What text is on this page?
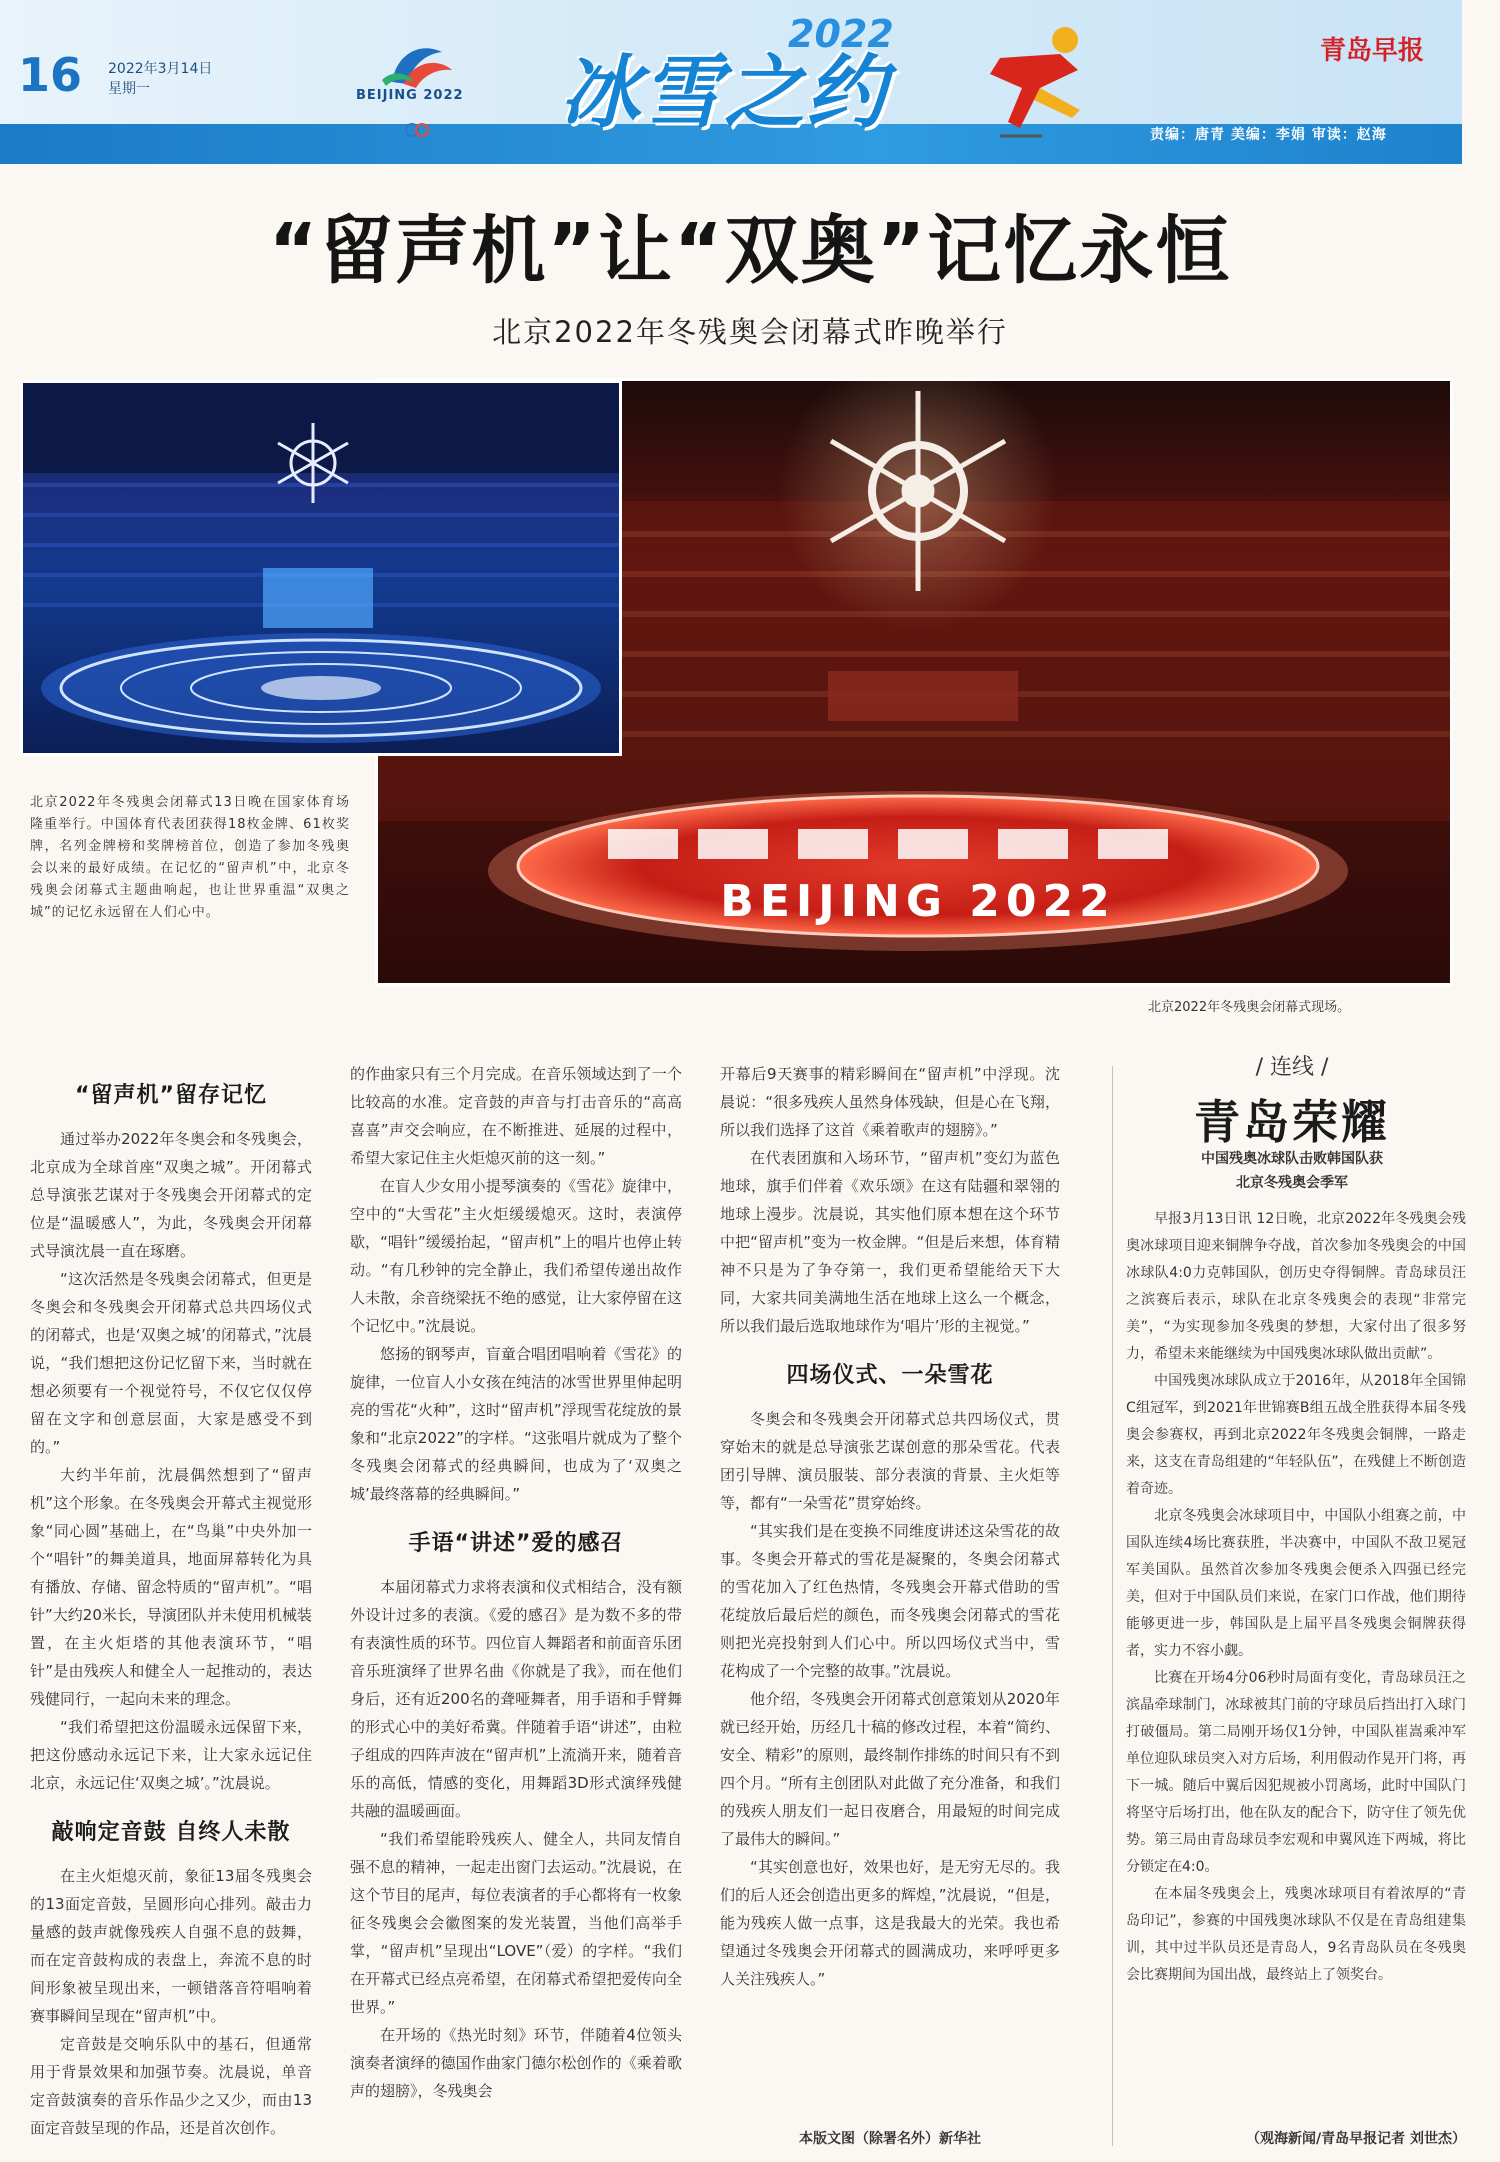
16 2022年3月14日
星期一	BEIJING 2022
2022
冰雪之约	青岛早报
责编：唐青 美编：李娟 审读：赵海
“留声机”让“双奥”记忆永恒
北京2022年冬残奥会闭幕式昨晚举行
BEIJING 2022
北京2022年冬残奥会闭幕式13日晚在国家体育场隆重举行。中国体育代表团获得18枚金牌、61枚奖牌，名列金牌榜和奖牌榜首位，创造了参加冬残奥会以来的最好成绩。在记忆的“留声机”中，北京冬残奥会闭幕式主题曲响起，也让世界重温“双奥之城”的记忆永远留在人们心中。
北京2022年冬残奥会闭幕式现场。
“留声机”留存记忆

通过举办2022年冬奥会和冬残奥会，北京成为全球首座“双奥之城”。开闭幕式总导演张艺谋对于冬残奥会开闭幕式的定位是“温暖感人”，为此，冬残奥会开闭幕式导演沈晨一直在琢磨。

“这次活然是冬残奥会闭幕式，但更是冬奥会和冬残奥会开闭幕式总共四场仪式的闭幕式，也是‘双奥之城’的闭幕式，”沈晨说，“我们想把这份记忆留下来，当时就在想必须要有一个视觉符号，不仅它仅仅停留在文字和创意层面，大家是感受不到的。”

大约半年前，沈晨偶然想到了“留声机”这个形象。在冬残奥会开幕式主视觉形象“同心圆”基础上，在“鸟巢”中央外加一个“唱针”的舞美道具，地面屏幕转化为具有播放、存储、留念特质的“留声机”。“唱针”大约20米长，导演团队并未使用机械装置，在主火炬塔的其他表演环节，“唱针”是由残疾人和健全人一起推动的，表达残健同行，一起向未来的理念。

“我们希望把这份温暖永远保留下来，把这份感动永远记下来，让大家永远记住北京，永远记住‘双奥之城’。”沈晨说。

敲响定音鼓 自终人未散

在主火炬熄灭前，象征13届冬残奥会的13面定音鼓，呈圆形向心排列。敲击力量感的鼓声就像残疾人自强不息的鼓舞，而在定音鼓构成的表盘上，奔流不息的时间形象被呈现出来，一顿错落音符唱响着赛事瞬间呈现在“留声机”中。

定音鼓是交响乐队中的基石，但通常用于背景效果和加强节奏。沈晨说，单音定音鼓演奏的音乐作品少之又少，而由13面定音鼓呈现的作品，还是首次创作。

的作曲家只有三个月完成。在音乐领域达到了一个比较高的水准。定音鼓的声音与打击音乐的“高高喜喜”声交会响应，在不断推进、延展的过程中，希望大家记住主火炬熄灭前的这一刻。”

在盲人少女用小提琴演奏的《雪花》旋律中，空中的“大雪花”主火炬缓缓熄灭。这时，表演停歇，“唱针”缓缓抬起，“留声机”上的唱片也停止转动。“有几秒钟的完全静止，我们希望传递出故作人未散，余音绕梁抚不绝的感觉，让大家停留在这个记忆中。”沈晨说。

悠扬的钢琴声，盲童合唱团唱响着《雪花》的旋律，一位盲人小女孩在纯洁的冰雪世界里伸起明亮的雪花“火种”，这时“留声机”浮现雪花绽放的景象和“北京2022”的字样。“这张唱片就成为了整个冬残奥会闭幕式的经典瞬间，也成为了‘双奥之城’最终落幕的经典瞬间。”

手语“讲述”爱的感召

本届闭幕式力求将表演和仪式相结合，没有额外设计过多的表演。《爱的感召》是为数不多的带有表演性质的环节。四位盲人舞蹈者和前面音乐团音乐班演绎了世界名曲《你就是了我》，而在他们身后，还有近200名的聋哑舞者，用手语和手臂舞的形式心中的美好希冀。伴随着手语“讲述”，由粒子组成的四阵声波在“留声机”上流淌开来，随着音乐的高低，情感的变化，用舞蹈3D形式演绎残健共融的温暖画面。

“我们希望能聆残疾人、健全人，共同友情自强不息的精神，一起走出窗门去运动。”沈晨说，在这个节目的尾声，每位表演者的手心都将有一枚象征冬残奥会会徽图案的发光装置，当他们高举手掌，“留声机”呈现出“LOVE”（爱）的字样。“我们在开幕式已经点亮希望，在闭幕式希望把爱传向全世界。”

在开场的《热光时刻》环节，伴随着4位领头演奏者演绎的德国作曲家门德尔松创作的《乘着歌声的翅膀》，冬残奥会

开幕后9天赛事的精彩瞬间在“留声机”中浮现。沈晨说：“很多残疾人虽然身体残缺，但是心在飞翔，所以我们选择了这首《乘着歌声的翅膀》。”

在代表团旗和入场环节，“留声机”变幻为蓝色地球，旗手们伴着《欢乐颂》在这有陆疆和翠翎的地球上漫步。沈晨说，其实他们原本想在这个环节中把“留声机”变为一枚金牌。“但是后来想，体育精神不只是为了争夺第一，我们更希望能给天下大同，大家共同美满地生活在地球上这么一个概念，所以我们最后选取地球作为‘唱片’形的主视觉。”

四场仪式、一朵雪花

冬奥会和冬残奥会开闭幕式总共四场仪式，贯穿始末的就是总导演张艺谋创意的那朵雪花。代表团引导牌、演员服装、部分表演的背景、主火炬等等，都有“一朵雪花”贯穿始终。

“其实我们是在变换不同维度讲述这朵雪花的故事。冬奥会开幕式的雪花是凝聚的，冬奥会闭幕式的雪花加入了红色热情，冬残奥会开幕式借助的雪花绽放后最后烂的颜色，而冬残奥会闭幕式的雪花则把光亮投射到人们心中。所以四场仪式当中，雪花构成了一个完整的故事。”沈晨说。

他介绍，冬残奥会开闭幕式创意策划从2020年就已经开始，历经几十稿的修改过程，本着“简约、安全、精彩”的原则，最终制作排练的时间只有不到四个月。“所有主创团队对此做了充分准备，和我们的残疾人朋友们一起日夜磨合，用最短的时间完成了最伟大的瞬间。”

“其实创意也好，效果也好，是无穷无尽的。我们的后人还会创造出更多的辉煌，”沈晨说，“但是，能为残疾人做一点事，这是我最大的光荣。我也希望通过冬残奥会开闭幕式的圆满成功，来呼呼更多人关注残疾人。”

本版文图（除署名外）新华社
/ 连线 /
青岛荣耀
中国残奥冰球队击败韩国队获
北京冬残奥会季军

早报3月13日讯 12日晚，北京2022年冬残奥会残奥冰球项目迎来铜牌争夺战，首次参加冬残奥会的中国冰球队4:0力克韩国队，创历史夺得铜牌。青岛球员汪之滨赛后表示，球队在北京冬残奥会的表现“非常完美”，“为实现参加冬残奥的梦想，大家付出了很多努力，希望未来能继续为中国残奥冰球队做出贡献”。

中国残奥冰球队成立于2016年，从2018年全国锦C组冠军，到2021年世锦赛B组五战全胜获得本届冬残奥会参赛权，再到北京2022年冬残奥会铜牌，一路走来，这支在青岛组建的“年轻队伍”，在残健上不断创造着奇迹。

北京冬残奥会冰球项目中，中国队小组赛之前，中国队连续4场比赛获胜，半决赛中，中国队不敌卫冕冠军美国队。虽然首次参加冬残奥会便杀入四强已经完美，但对于中国队员们来说，在家门口作战，他们期待能够更进一步，韩国队是上届平昌冬残奥会铜牌获得者，实力不容小觑。

比赛在开场4分06秒时局面有变化，青岛球员汪之滨晶牵球制门，冰球被其门前的守球员后挡出打入球门打破僵局。第二局刚开场仅1分钟，中国队崔嵩乘冲军单位迎队球员突入对方后场，利用假动作晃开门将，再下一城。随后中翼后因犯规被小罚离场，此时中国队门将坚守后场打出，他在队友的配合下，防守住了领先优势。第三局由青岛球员李宏观和申翼风连下两城，将比分锁定在4:0。

在本届冬残奥会上，残奥冰球项目有着浓厚的“青岛印记”，参赛的中国残奥冰球队不仅是在青岛组建集训，其中过半队员还是青岛人，9名青岛队员在冬残奥会比赛期间为国出战，最终站上了领奖台。

（观海新闻/青岛早报记者 刘世杰）
